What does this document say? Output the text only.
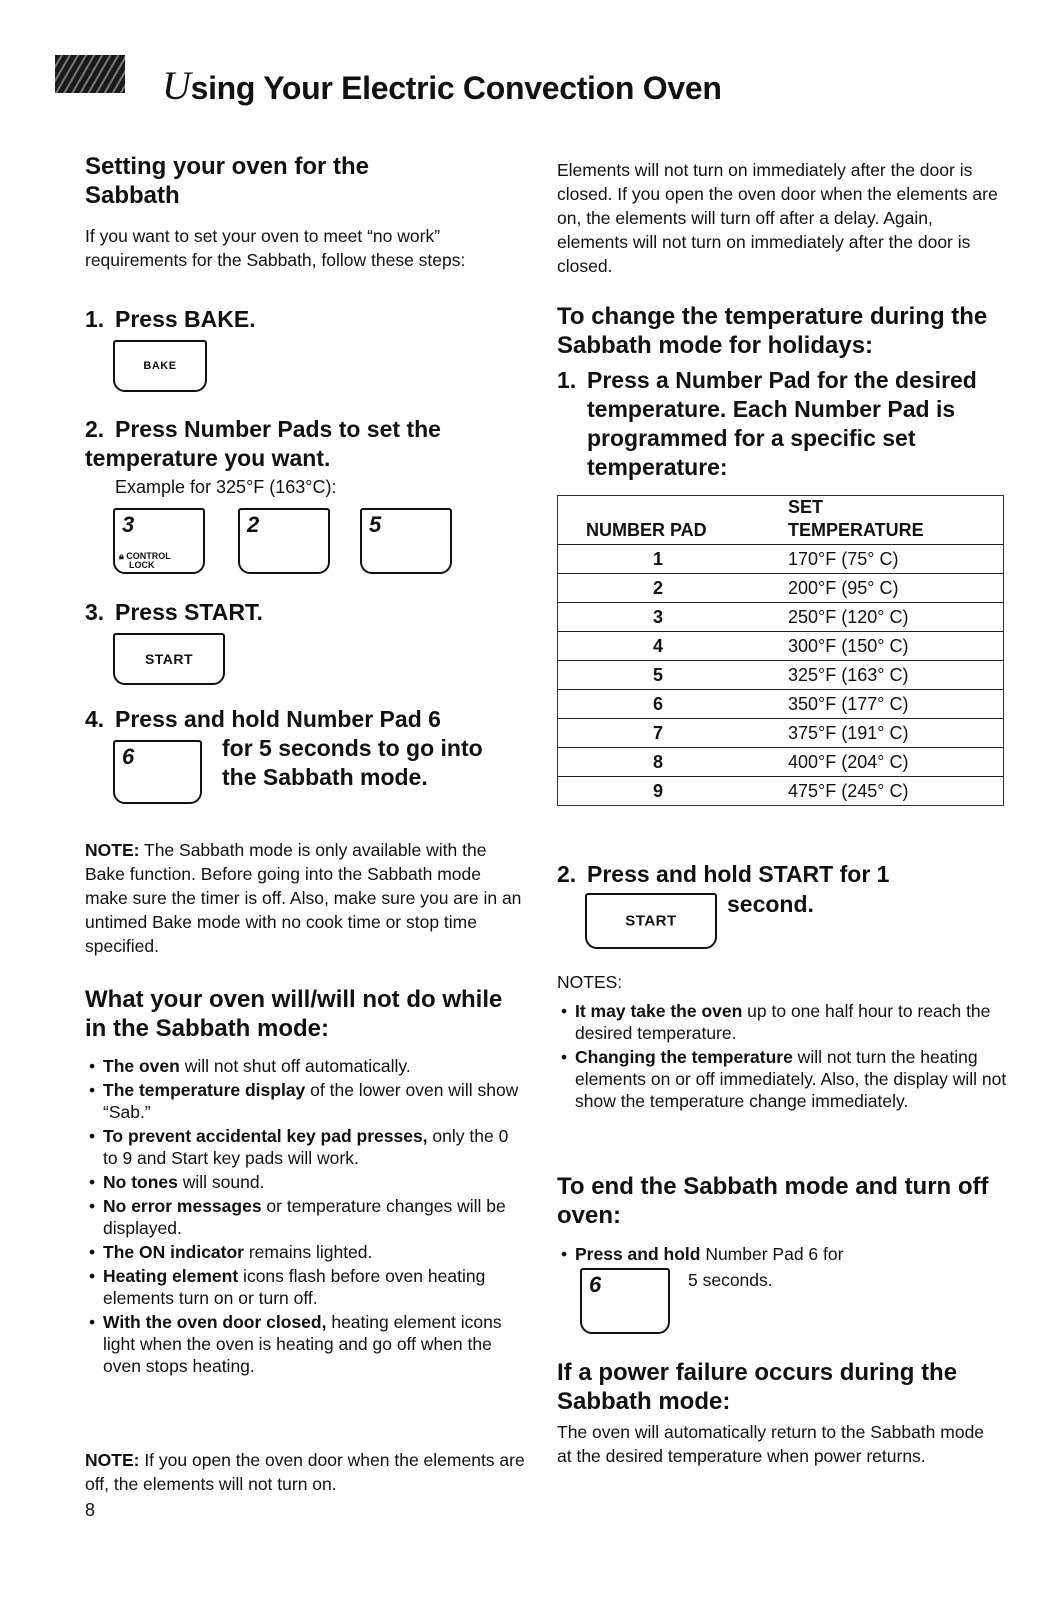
Using Your Electric Convection Oven
Setting your oven for the Sabbath
If you want to set your oven to meet “no work” requirements for the Sabbath, follow these steps:
1. Press BAKE.
BAKE
2. Press Number Pads to set the temperature you want.
Example for 325°F (163°C):
3
🔒︎ CONTROL
LOCK
2	5
3. Press START.
START
4. Press and hold Number Pad 6
for 5 seconds to go into
the Sabbath mode.
6
NOTE: The Sabbath mode is only available with the Bake function. Before going into the Sabbath mode make sure the timer is off. Also, make sure you are in an untimed Bake mode with no cook time or stop time specified.
What your oven will/will not do while in the Sabbath mode:
• The oven will not shut off automatically.
• The temperature display of the lower oven will show “Sab.”
• To prevent accidental key pad presses, only the 0 to 9 and Start key pads will work.
• No tones will sound.
• No error messages or temperature changes will be displayed.
• The ON indicator remains lighted.
• Heating element icons flash before oven heating elements turn on or turn off.
• With the oven door closed, heating element icons light when the oven is heating and go off when the oven stops heating.
NOTE: If you open the oven door when the elements are off, the elements will not turn on.
8
Elements will not turn on immediately after the door is closed. If you open the oven door when the elements are on, the elements will turn off after a delay. Again, elements will not turn on immediately after the door is closed.
To change the temperature during the Sabbath mode for holidays:
1. Press a Number Pad for the desired temperature. Each Number Pad is programmed for a specific set temperature:
NUMBER PAD	SET
TEMPERATURE
1	170°F (75° C)
2	200°F (95° C)
3	250°F (120° C)
4	300°F (150° C)
5	325°F (163° C)
6	350°F (177° C)
7	375°F (191° C)
8	400°F (204° C)
9	475°F (245° C)
2. Press and hold START for 1
second.
START
NOTES:
• It may take the oven up to one half hour to reach the desired temperature.
• Changing the temperature will not turn the heating elements on or off immediately. Also, the display will not show the temperature change immediately.
To end the Sabbath mode and turn off oven:
• Press and hold Number Pad 6 for
5 seconds.
6
If a power failure occurs during the Sabbath mode:
The oven will automatically return to the Sabbath mode at the desired temperature when power returns.
